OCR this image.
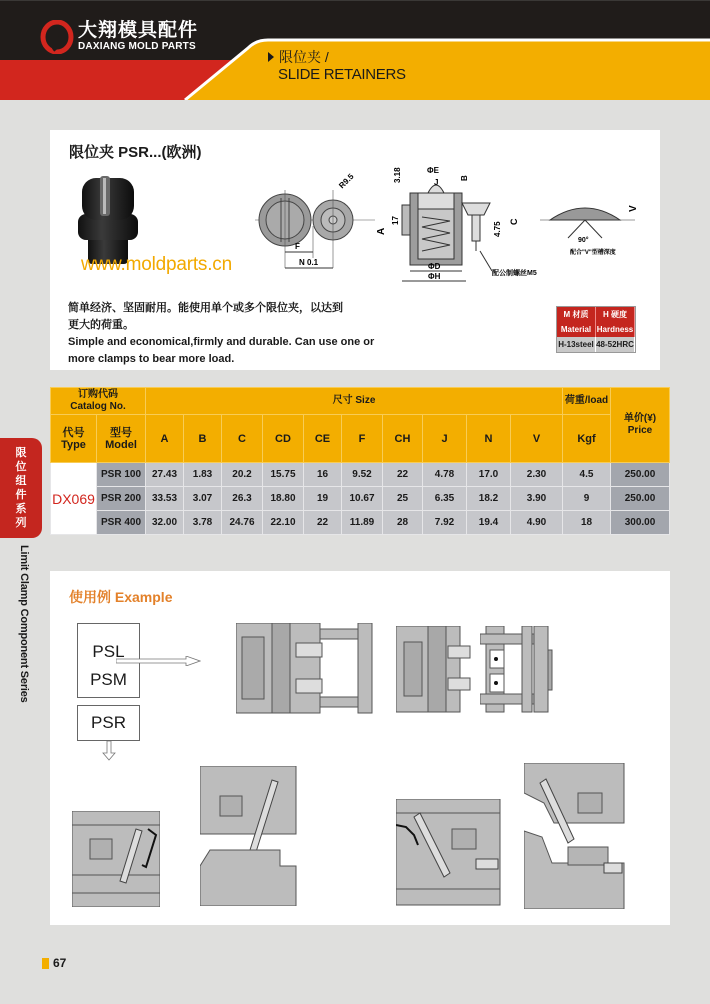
大翔模具配件
DAXIANG MOLD PARTS
限位夹 /
SLIDE RETAINERS
限
位
组
件
系
列
Limit Clamp Component Series
限位夹 PSR...(欧洲)
www.moldparts.cn
F
N 0.1
R9.5
ΦE
J	B
3.18
A
17
4.75 C
ΦD
ΦH	配公制螺丝M5
90°
V
配合"V"型槽深度
简单经济、坚固耐用。能使用单个或多个限位夹，以达到
更大的荷重。
Simple and economical,firmly and durable. Can use one or
more clamps to bear more load.
M 材质	H 硬度
Material Hardness
H-13steel 48-52HRC
订购代码
Catalog No.
	尺寸 Size	荷重/load	
单价(¥)
Price

代号
Type

型号
Model	A	B	C	CD	CE	F	CH	J	N	V	Kgf
DX069	PSR 100	27.43	1.83	20.2	15.75	16	9.52	22	4.78	17.0	2.30	4.5	250.00
	PSR 200	33.53	3.07	26.3	18.80	19	10.67	25	6.35	18.2	3.90	9	250.00
	PSR 400	32.00	3.78	24.76	22.10	22	11.89	28	7.92	19.4	4.90	18	300.00
使用例 Example
PSL
PSM
PSR
67
